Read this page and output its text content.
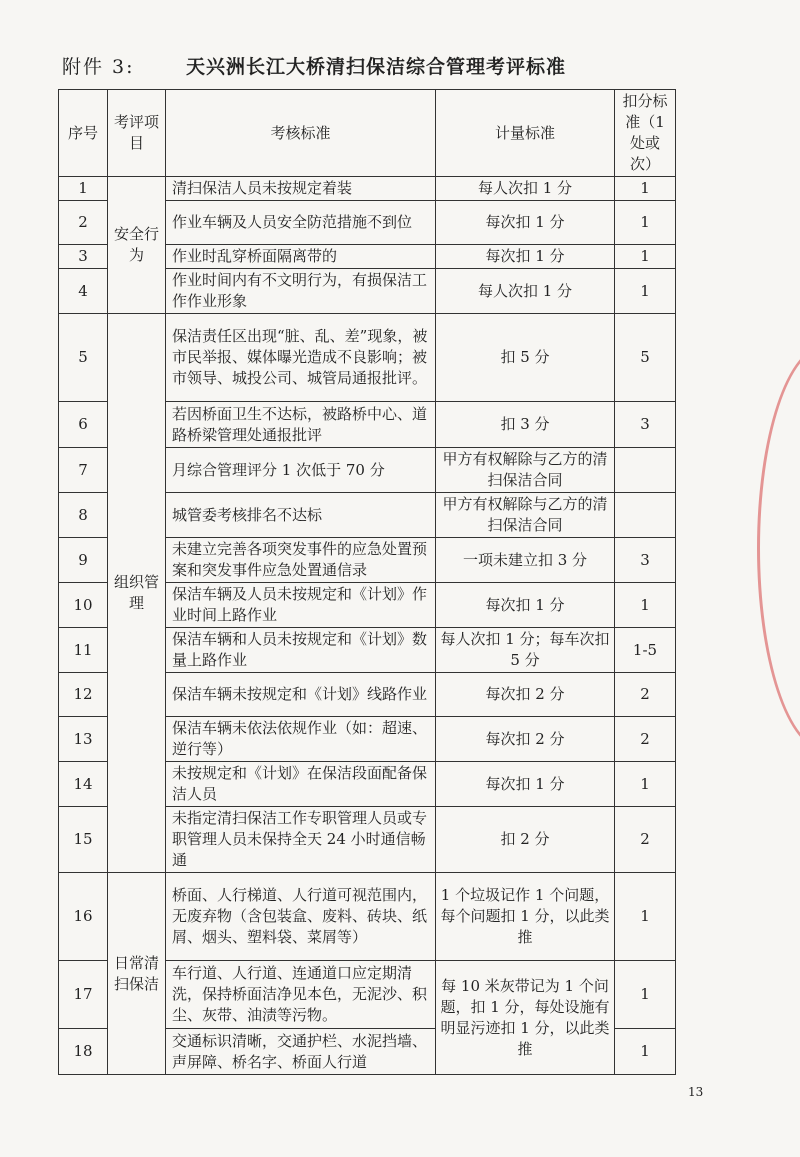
附件 3:	天兴洲长江大桥清扫保洁综合管理考评标准
序号	考评项目	考核标准	计量标准	扣分标准（1处或次）
1	安全行为	清扫保洁人员未按规定着装	每人次扣 1 分	1
2		作业车辆及人员安全防范措施不到位	每次扣 1 分	1
3		作业时乱穿桥面隔离带的	每次扣 1 分	1
4		作业时间内有不文明行为，有损保洁工作作业形象	每人次扣 1 分	1
5	组织管理	保洁责任区出现“脏、乱、差”现象，被市民举报、媒体曝光造成不良影响；被市领导、城投公司、城管局通报批评。	扣 5 分	5
6		若因桥面卫生不达标，被路桥中心、道路桥梁管理处通报批评	扣 3 分	3
7		月综合管理评分 1 次低于 70 分	甲方有权解除与乙方的清扫保洁合同	
8		城管委考核排名不达标	甲方有权解除与乙方的清扫保洁合同	
9		未建立完善各项突发事件的应急处置预案和突发事件应急处置通信录	一项未建立扣 3 分	3
10		保洁车辆及人员未按规定和《计划》作业时间上路作业	每次扣 1 分	1
11		保洁车辆和人员未按规定和《计划》数量上路作业	每人次扣 1 分；每车次扣 5 分	1-5
12		保洁车辆未按规定和《计划》线路作业	每次扣 2 分	2
13		保洁车辆未依法依规作业（如：超速、逆行等）	每次扣 2 分	2
14		未按规定和《计划》在保洁段面配备保洁人员	每次扣 1 分	1
15		未指定清扫保洁工作专职管理人员或专职管理人员未保持全天 24 小时通信畅通	扣 2 分	2
16	日常清扫保洁	桥面、人行梯道、人行道可视范围内，无废弃物（含包装盒、废料、砖块、纸屑、烟头、塑料袋、菜屑等）	1 个垃圾记作 1 个问题，每个问题扣 1 分，以此类推	1
17		车行道、人行道、连通道口应定期清洗，保持桥面洁净见本色，无泥沙、积尘、灰带、油渍等污物。	每 10 米灰带记为 1 个问题，扣 1 分，每处设施有明显污迹扣 1 分，以此类推	1
18		交通标识清晰，交通护栏、水泥挡墙、声屏障、桥名字、桥面人行道		1
13
